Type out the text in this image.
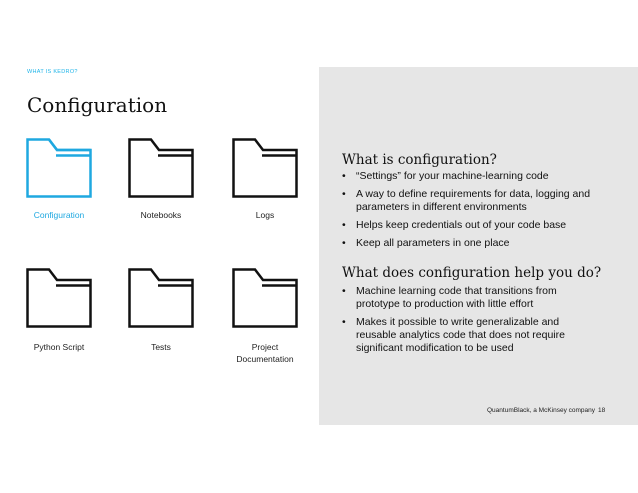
WHAT IS KEDRO?
Configuration
Configuration	Notebooks	Logs
Python Script	Tests	Project
Documentation
What is configuration?
• “Settings” for your machine-learning code
• A way to define requirements for data, logging and parameters in different environments
• Helps keep credentials out of your code base
• Keep all parameters in one place
What does configuration help you do?
• Machine learning code that transitions from prototype to production with little effort
• Makes it possible to write generalizable and reusable analytics code that does not require significant modification to be used
QuantumBlack, a McKinsey company 18
